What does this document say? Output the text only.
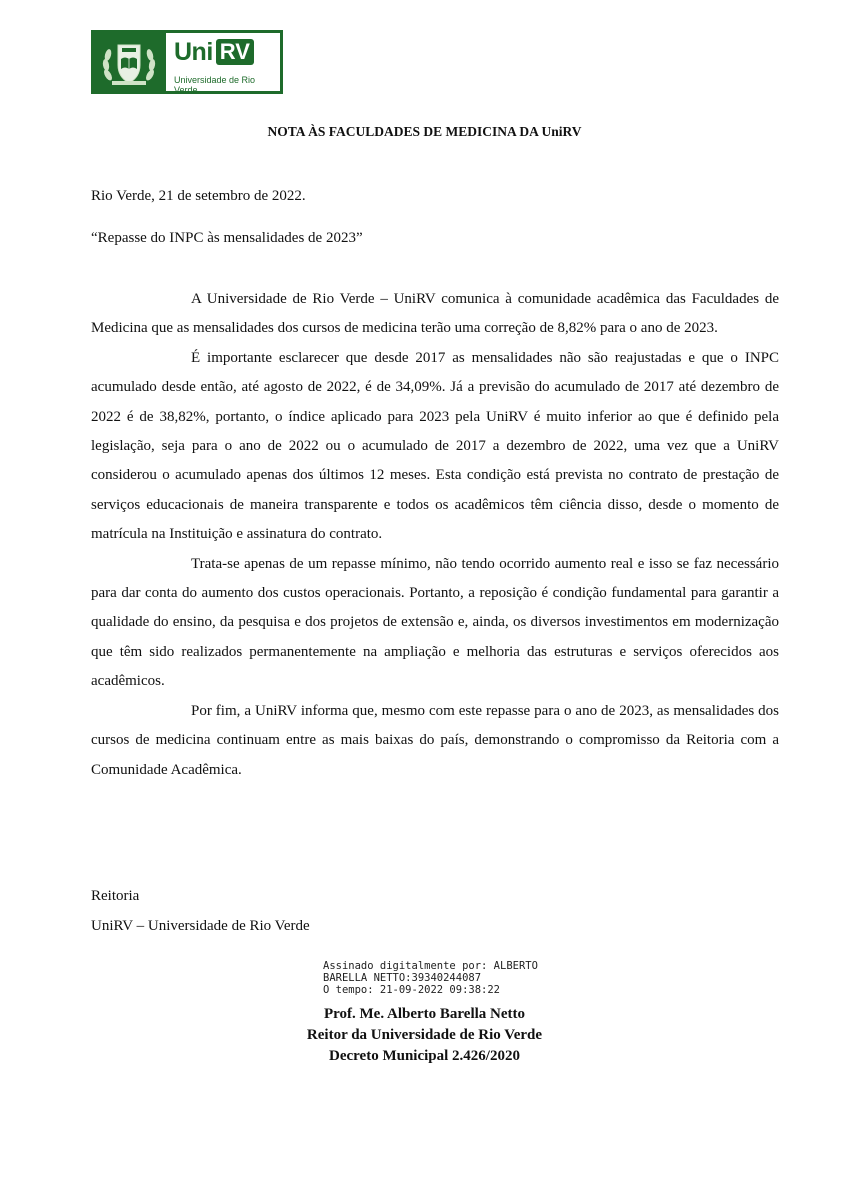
Uni RV
Universidade de Rio Verde
NOTA ÀS FACULDADES DE MEDICINA DA UniRV
Rio Verde, 21 de setembro de 2022.
“Repasse do INPC às mensalidades de 2023”

A Universidade de Rio Verde – UniRV comunica à comunidade acadêmica das Faculdades de Medicina que as mensalidades dos cursos de medicina terão uma correção de 8,82% para o ano de 2023.

É importante esclarecer que desde 2017 as mensalidades não são reajustadas e que o INPC acumulado desde então, até agosto de 2022, é de 34,09%. Já a previsão do acumulado de 2017 até dezembro de 2022 é de 38,82%, portanto, o índice aplicado para 2023 pela UniRV é muito inferior ao que é definido pela legislação, seja para o ano de 2022 ou o acumulado de 2017 a dezembro de 2022, uma vez que a UniRV considerou o acumulado apenas dos últimos 12 meses. Esta condição está prevista no contrato de prestação de serviços educacionais de maneira transparente e todos os acadêmicos têm ciência disso, desde o momento de matrícula na Instituição e assinatura do contrato.

Trata-se apenas de um repasse mínimo, não tendo ocorrido aumento real e isso se faz necessário para dar conta do aumento dos custos operacionais. Portanto, a reposição é condição fundamental para garantir a qualidade do ensino, da pesquisa e dos projetos de extensão e, ainda, os diversos investimentos em modernização que têm sido realizados permanentemente na ampliação e melhoria das estruturas e serviços oferecidos aos acadêmicos.

Por fim, a UniRV informa que, mesmo com este repasse para o ano de 2023, as mensalidades dos cursos de medicina continuam entre as mais baixas do país, demonstrando o compromisso da Reitoria com a Comunidade Acadêmica.

Reitoria
UniRV – Universidade de Rio Verde
Assinado digitalmente por: ALBERTO
BARELLA NETTO:39340244087
O tempo: 21-09-2022 09:38:22
Prof. Me. Alberto Barella Netto
Reitor da Universidade de Rio Verde
Decreto Municipal 2.426/2020
